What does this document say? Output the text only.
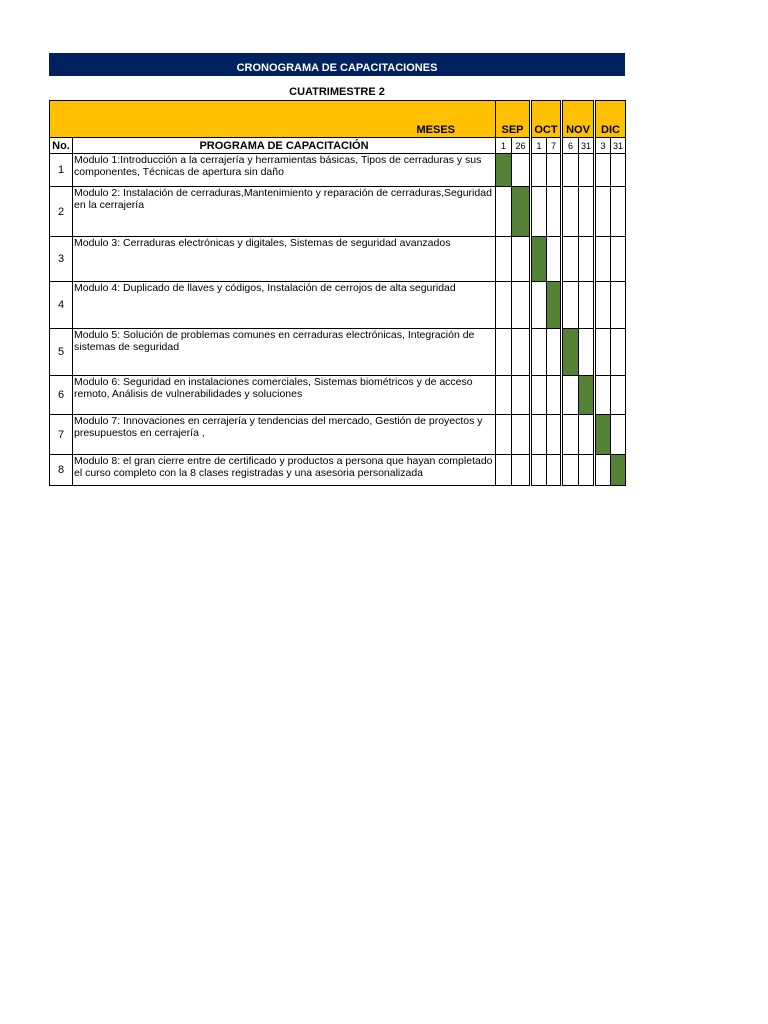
CRONOGRAMA DE CAPACITACIONES
CUATRIMESTRE 2
MESES		SEP		OCT		NOV		DIC	
No.	PROGRAMA DE CAPACITACIÓN	1	26	1	7	6	31	3	31
1	Modulo 1:Introducción a la cerrajería y herramientas básicas, Tipos de cerraduras y sus componentes, Técnicas de apertura sin daño								
2	Modulo 2: Instalación de cerraduras,Mantenimiento y reparación de cerraduras,Seguridad en la cerrajería								
3	Modulo 3: Cerraduras electrónicas y digitales, Sistemas de seguridad avanzados								
4	Modulo 4: Duplicado de llaves y códigos, Instalación de cerrojos de alta seguridad								
5	Modulo 5: Solución de problemas comunes en cerraduras electrónicas, Integración de sistemas de seguridad								
6	Modulo 6: Seguridad en instalaciones comerciales, Sistemas biométricos y de acceso remoto, Análisis de vulnerabilidades y soluciones								
7	Modulo 7: Innovaciones en cerrajería y tendencias del mercado, Gestión de proyectos y presupuestos en cerrajería ,								
8	Modulo 8: el gran cierre entre de certificado y productos a persona que hayan completado el curso completo con la 8 clases registradas y una asesoria personalizada								
